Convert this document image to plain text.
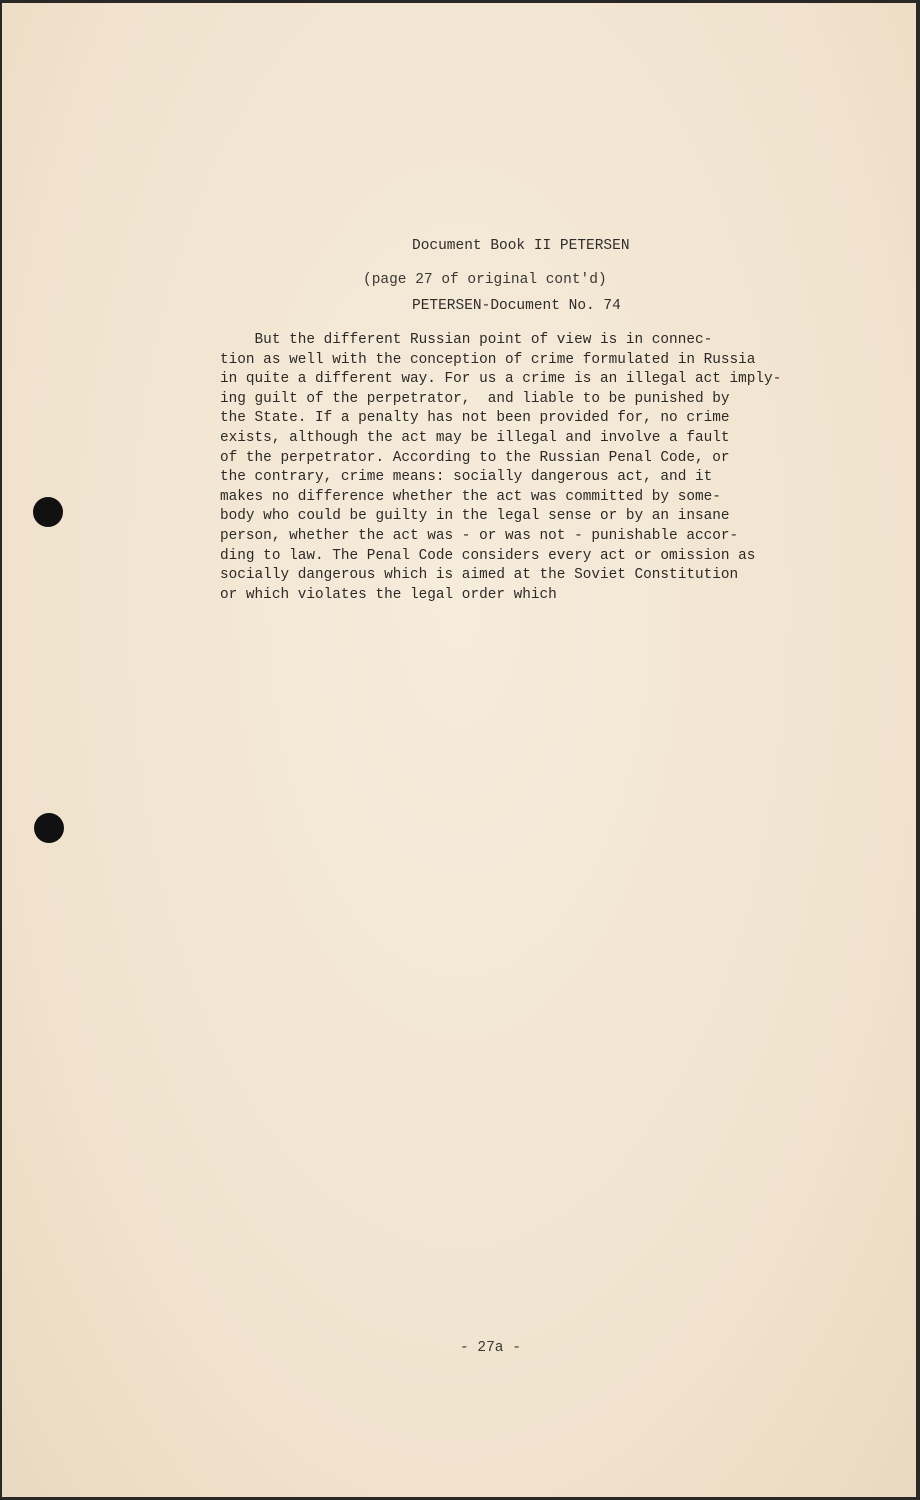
Document Book II PETERSEN

PETERSEN-Document No. 74

(page 27 of original cont'd)
But the different Russian point of view is in connec-
tion as well with the conception of crime formulated in Russia
in quite a different way. For us a crime is an illegal act imply-
ing guilt of the perpetrator,  and liable to be punished by
the State. If a penalty has not been provided for, no crime
exists, although the act may be illegal and involve a fault
of the perpetrator. According to the Russian Penal Code, or
the contrary, crime means: socially dangerous act, and it
makes no difference whether the act was committed by some-
body who could be guilty in the legal sense or by an insane
person, whether the act was - or was not - punishable accor-
ding to law. The Penal Code considers every act or omission as
socially dangerous which is aimed at the Soviet Constitution
or which violates the legal order which
- 27a -
